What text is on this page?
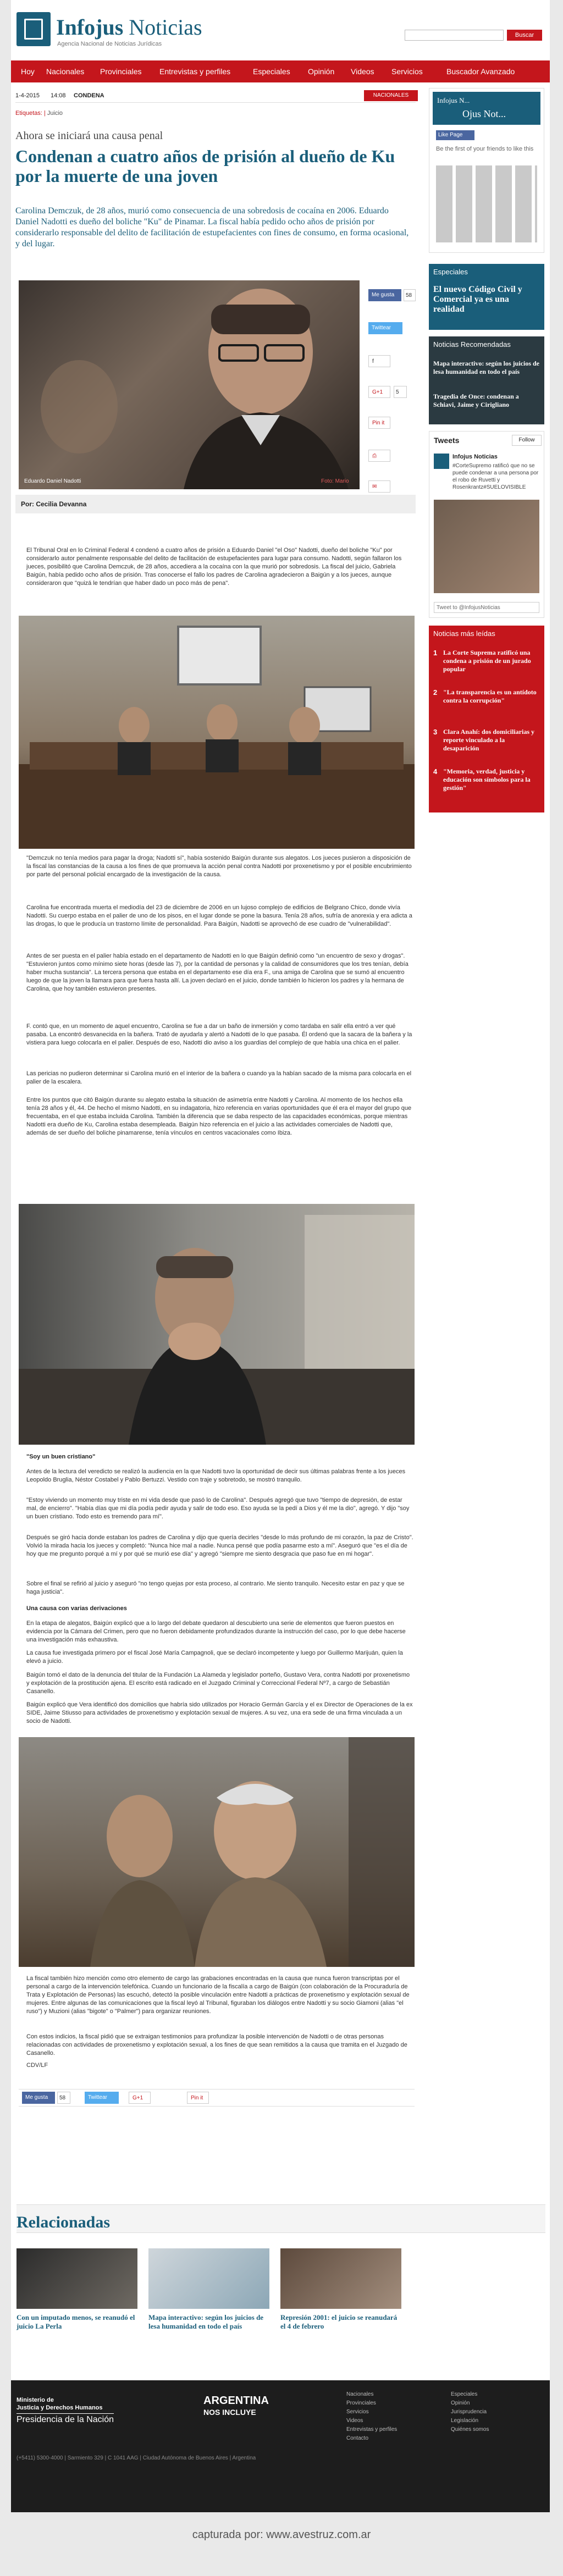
Infojus Noticias
Agencia Nacional de Noticias Jurídicas
Buscar
Hoy Nacionales Provinciales Entrevistas y perfiles	Especiales Opinión Videos Servicios	Buscador Avanzado
1-4-2015 14:08 CONDENA	NACIONALES
Etiquetas: | Juicio
Ahora se iniciará una causa penal
Condenan a cuatro años de prisión al dueño de Ku por la muerte de una joven
Carolina Demczuk, de 28 años, murió como consecuencia de una sobredosis de cocaína en 2006. Eduardo Daniel Nadotti es dueño del boliche "Ku" de Pinamar. La fiscal había pedido ocho años de prisión por considerarlo responsable del delito de facilitación de estupefacientes con fines de consumo, en forma ocasional, y del lugar.
Eduardo Daniel Nadotti	Foto: Mario
Me gusta	58
Twittear
f
G+1	5
Pin it
⎙
✉
Por: Cecilia Devanna
El Tribunal Oral en lo Criminal Federal 4 condenó a cuatro años de prisión a Eduardo Daniel "el Oso" Nadotti, dueño del boliche "Ku" por considerarlo autor penalmente responsable del delito de facilitación de estupefacientes para lugar para consumo. Nadotti, según fallaron los jueces, posibilitó que Carolina Demczuk, de 28 años, accediera a la cocaína con la que murió por sobredosis. La fiscal del juicio, Gabriela Baigún, había pedido ocho años de prisión. Tras conocerse el fallo los padres de Carolina agradecieron a Baigún y a los jueces, aunque consideraron que "quizá le tendrían que haber dado un poco más de pena".
"Demczuk no tenía medios para pagar la droga; Nadotti sí", había sostenido Baigún durante sus alegatos. Los jueces pusieron a disposición de la fiscal las constancias de la causa a los fines de que promueva la acción penal contra Nadotti por proxenetismo y por el posible encubrimiento por parte del personal policial encargado de la investigación de la causa.
Carolina fue encontrada muerta el mediodía del 23 de diciembre de 2006 en un lujoso complejo de edificios de Belgrano Chico, donde vivía Nadotti. Su cuerpo estaba en el palier de uno de los pisos, en el lugar donde se pone la basura. Tenía 28 años, sufría de anorexia y era adicta a las drogas, lo que le producía un trastorno límite de personalidad. Para Baigún, Nadotti se aprovechó de ese cuadro de "vulnerabilidad".
Antes de ser puesta en el palier había estado en el departamento de Nadotti en lo que Baigún definió como "un encuentro de sexo y drogas". "Estuvieron juntos como mínimo siete horas (desde las 7), por la cantidad de personas y la calidad de consumidores que los tres tenían, debía haber mucha sustancia". La tercera persona que estaba en el departamento ese día era F., una amiga de Carolina que se sumó al encuentro luego de que la joven la llamara para que fuera hasta allí. La joven declaró en el juicio, donde también lo hicieron los padres y la hermana de Carolina, que hoy también estuvieron presentes.
F. contó que, en un momento de aquel encuentro, Carolina se fue a dar un baño de inmersión y como tardaba en salir ella entró a ver qué pasaba. La encontró desvanecida en la bañera. Trató de ayudarla y alertó a Nadotti de lo que pasaba. Él ordenó que la sacara de la bañera y la vistiera para luego colocarla en el palier. Después de eso, Nadotti dio aviso a los guardias del complejo de que había una chica en el palier.
Las pericias no pudieron determinar si Carolina murió en el interior de la bañera o cuando ya la habían sacado de la misma para colocarla en el palier de la escalera.
Entre los puntos que citó Baigún durante su alegato estaba la situación de asimetría entre Nadotti y Carolina. Al momento de los hechos ella tenía 28 años y él, 44. De hecho el mismo Nadotti, en su indagatoria, hizo referencia en varias oportunidades que él era el mayor del grupo que frecuentaba, en el que estaba incluida Carolina. También la diferencia que se daba respecto de las capacidades económicas, porque mientras Nadotti era dueño de Ku, Carolina estaba desempleada. Baigún hizo referencia en el juicio a las actividades comerciales de Nadotti que, además de ser dueño del boliche pinamarense, tenía vínculos en centros vacacionales como Ibiza.
"Soy un buen cristiano"
Antes de la lectura del veredicto se realizó la audiencia en la que Nadotti tuvo la oportunidad de decir sus últimas palabras frente a los jueces Leopoldo Bruglia, Néstor Costabel y Pablo Bertuzzi. Vestido con traje y sobretodo, se mostró tranquilo.
"Estoy viviendo un momento muy triste en mi vida desde que pasó lo de Carolina". Después agregó que tuvo "tiempo de depresión, de estar mal, de encierro". "Había días que mi día podía pedir ayuda y salir de todo eso. Eso ayuda se la pedí a Dios y él me la dio", agregó. Y dijo "soy un buen cristiano. Todo esto es tremendo para mí".
Después se giró hacia donde estaban los padres de Carolina y dijo que quería decirles "desde lo más profundo de mi corazón, la paz de Cristo". Volvió la mirada hacia los jueces y completó: "Nunca hice mal a nadie. Nunca pensé que podía pasarme esto a mí". Aseguró que "es el día de hoy que me pregunto porqué a mí y por qué se murió ese día" y agregó "siempre me siento desgracia que paso fue en mi hogar".
Sobre el final se refirió al juicio y aseguró "no tengo quejas por esta proceso, al contrario. Me siento tranquilo. Necesito estar en paz y que se haga justicia".
Una causa con varias derivaciones
En la etapa de alegatos, Baigún explicó que a lo largo del debate quedaron al descubierto una serie de elementos que fueron puestos en evidencia por la Cámara del Crimen, pero que no fueron debidamente profundizados durante la instrucción del caso, por lo que debe hacerse una investigación más exhaustiva.
La causa fue investigada primero por el fiscal José María Campagnoli, que se declaró incompetente y luego por Guillermo Marijuán, quien la elevó a juicio.
Baigún tomó el dato de la denuncia del titular de la Fundación La Alameda y legislador porteño, Gustavo Vera, contra Nadotti por proxenetismo y explotación de la prostitución ajena. El escrito está radicado en el Juzgado Criminal y Correccional Federal Nº7, a cargo de Sebastián Casanello.
Baigún explicó que Vera identificó dos domicilios que habría sido utilizados por Horacio Germán García y el ex Director de Operaciones de la ex SIDE, Jaime Stiusso para actividades de proxenetismo y explotación sexual de mujeres. A su vez, una era sede de una firma vinculada a un socio de Nadotti.
La fiscal también hizo mención como otro elemento de cargo las grabaciones encontradas en la causa que nunca fueron transcriptas por el personal a cargo de la intervención telefónica. Cuando un funcionario de la fiscalía a cargo de Baigún (con colaboración de la Procuraduría de Trata y Explotación de Personas) las escuchó, detectó la posible vinculación entre Nadotti a prácticas de proxenetismo y explotación sexual de mujeres. Entre algunas de las comunicaciones que la fiscal leyó al Tribunal, figuraban los diálogos entre Nadotti y su socio Giamoni (alias "el ruso") y Muzioni (alias "bigote" o "Palmer") para organizar reuniones.
Con estos indicios, la fiscal pidió que se extraigan testimonios para profundizar la posible intervención de Nadotti o de otras personas relacionadas con actividades de proxenetismo y explotación sexual, a los fines de que sean remitidos a la causa que tramita en el Juzgado de Casanello.
CDV/LF
Me gusta	58	Twittear	G+1	Pin it
Infojus N...
Ojus Not...
Like Page
Be the first of your friends to like this
Especiales
El nuevo Código Civil y Comercial ya es una realidad
Noticias Recomendadas
Mapa interactivo: según los juicios de lesa humanidad en todo el país
Tragedia de Once: condenan a Schiavi, Jaime y Cirigliano
Tweets	Follow
Infojus Noticias
#CorteSupremo ratificó que no se puede condenar a una persona por el robo de Ruvetti y Rosenkrantz#SUELOVISIBLE
Tweet to @InfojusNoticias
Noticias más leídas
1 La Corte Suprema ratificó una condena a prisión de un jurado popular
2 "La transparencia es un antídoto contra la corrupción"
3 Clara Anahí: dos domiciliarias y reporte vinculado a la desaparición
4 "Memoria, verdad, justicia y educación son símbolos para la gestión"
Relacionadas
Con un imputado menos, se reanudó el juicio La Perla
Mapa interactivo: según los juicios de lesa humanidad en todo el país
Represión 2001: el juicio se reanudará el 4 de febrero
Ministerio de
Justicia y Derechos Humanos
Presidencia de la Nación
ARGENTINA
NOS INCLUYE
Nacionales
Provinciales
Servicios
Videos
Entrevistas y perfiles
Contacto
Especiales
Opinión
Jurisprudencia
Legislación
Quiénes somos
(+5411) 5300-4000 | Sarmiento 329 | C 1041 AAG | Ciudad Autónoma de Buenos Aires | Argentina
capturada por: www.avestruz.com.ar
